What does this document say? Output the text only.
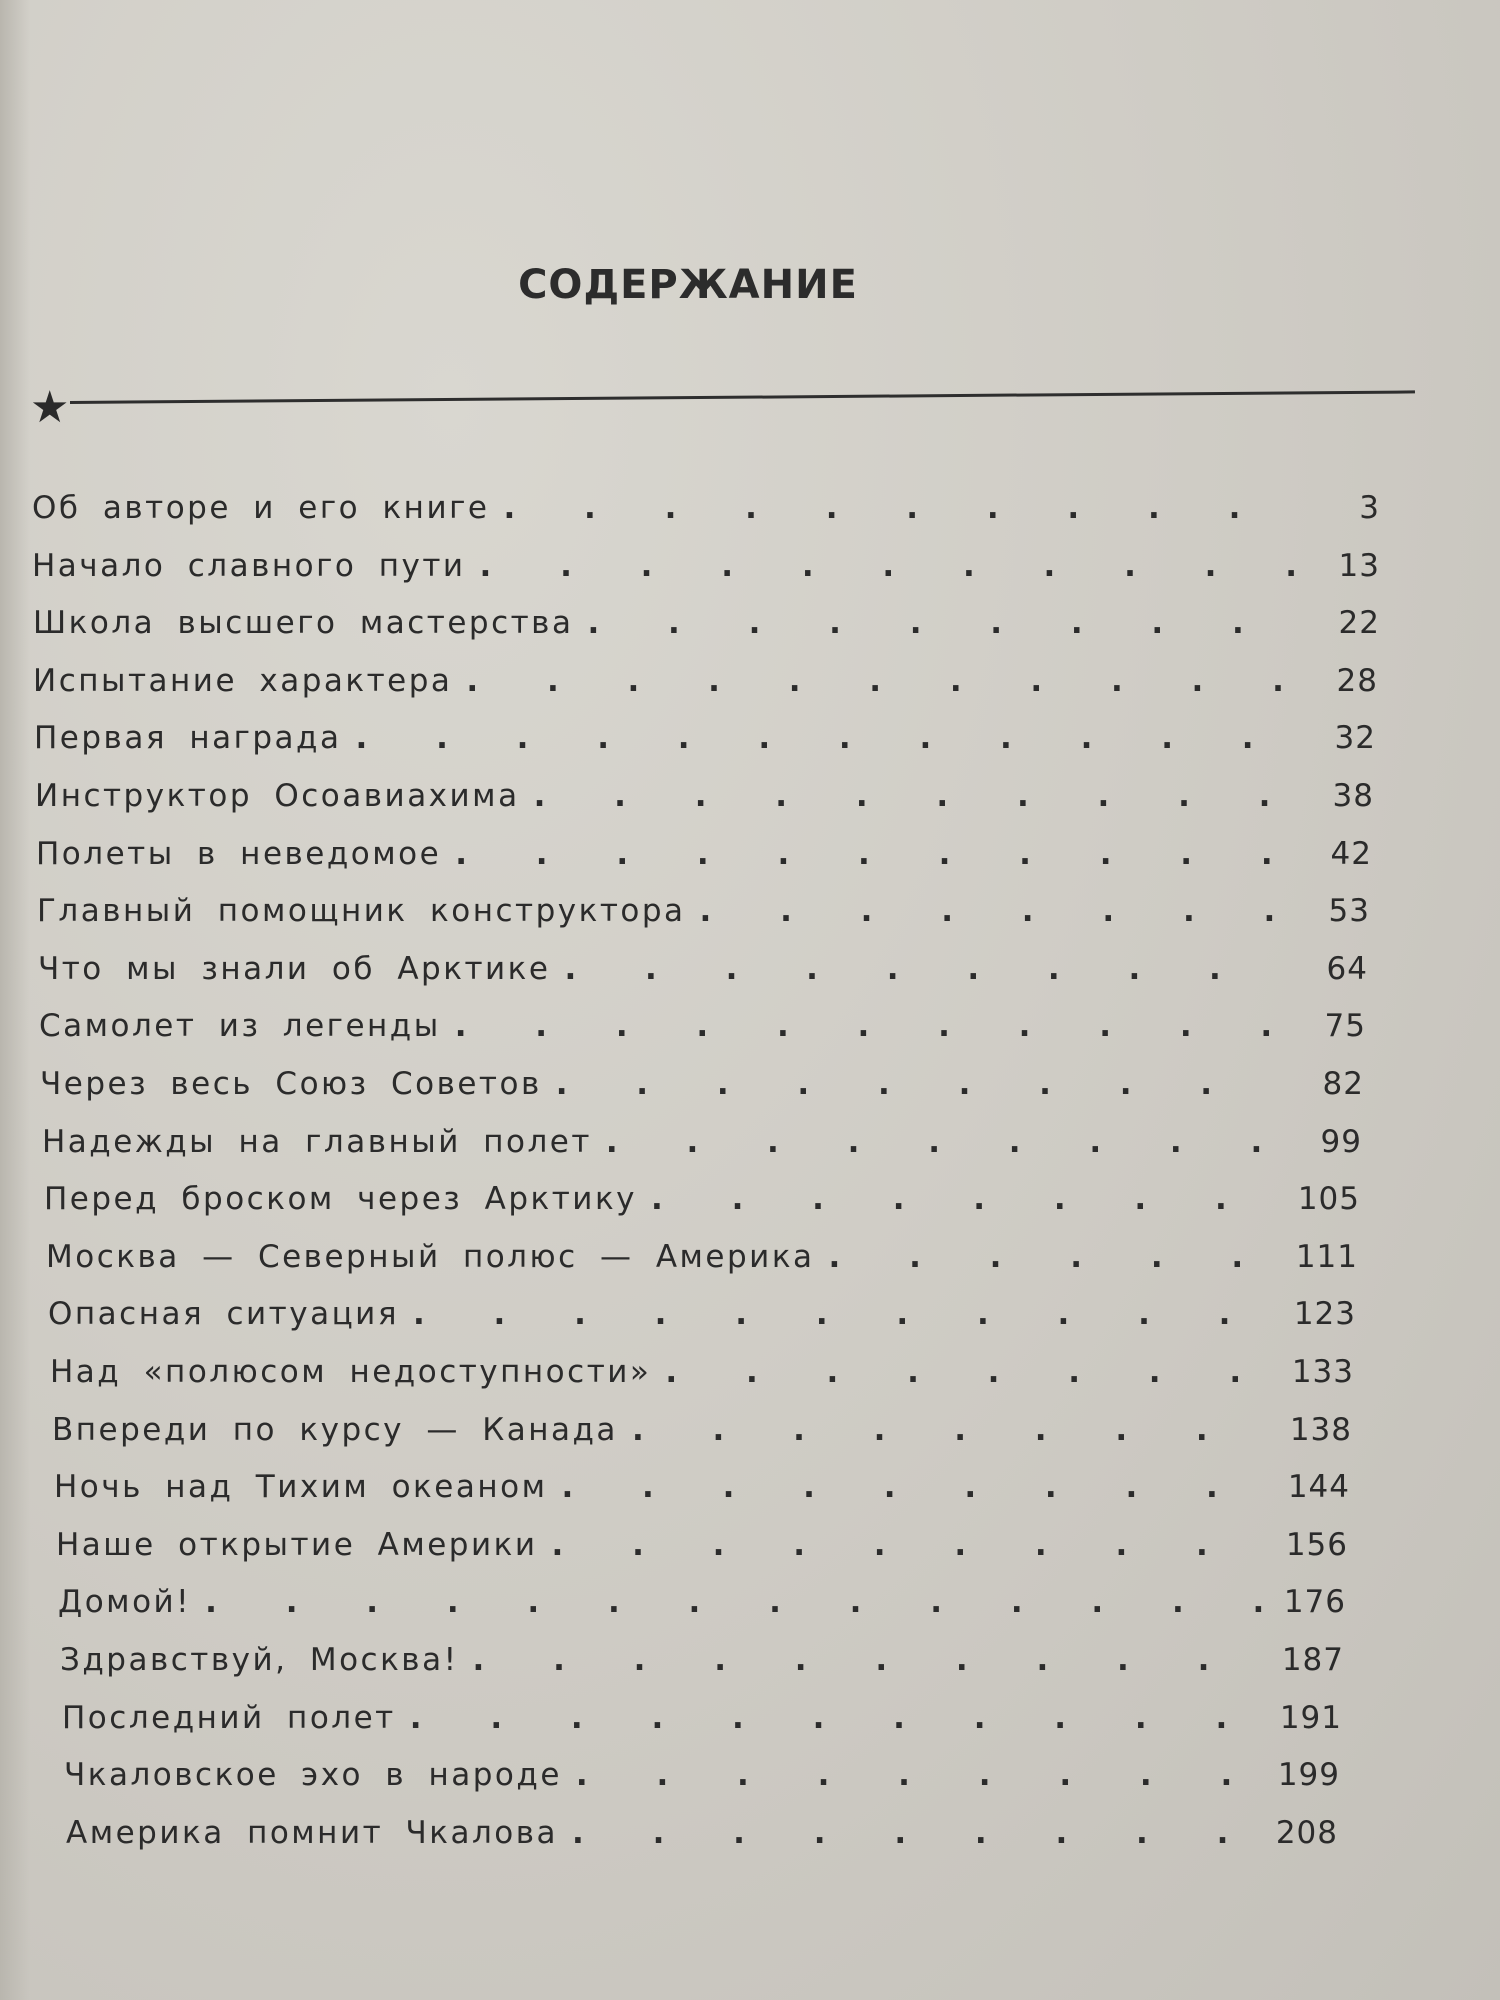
СОДЕРЖАНИЕ
★
Об авторе и его книге . . .	3
Начало славного пути . . .	13
Школа высшего мастерства . . .	22
Испытание характера . . .	28
Первая награда . . .	32
Инструктор Осоавиахима . . .	38
Полеты в неведомое . . .	42
Главный помощник конструктора . . .	53
Что мы знали об Арктике . . .	64
Самолет из легенды . . .	75
Через весь Союз Советов . . .	82
Надежды на главный полет . . .	99
Перед броском через Арктику . . .	105
Москва — Северный полюс — Америка . . .	111
Опасная ситуация . . .	123
Над «полюсом недоступности» . . .	133
Впереди по курсу — Канада . . .	138
Ночь над Тихим океаном . . .	144
Наше открытие Америки . . .	156
Домой! . . .	176
Здравствуй, Москва! . . .	187
Последний полет . . .	191
Чкаловское эхо в народе . . .	199
Америка помнит Чкалова . . .	208
